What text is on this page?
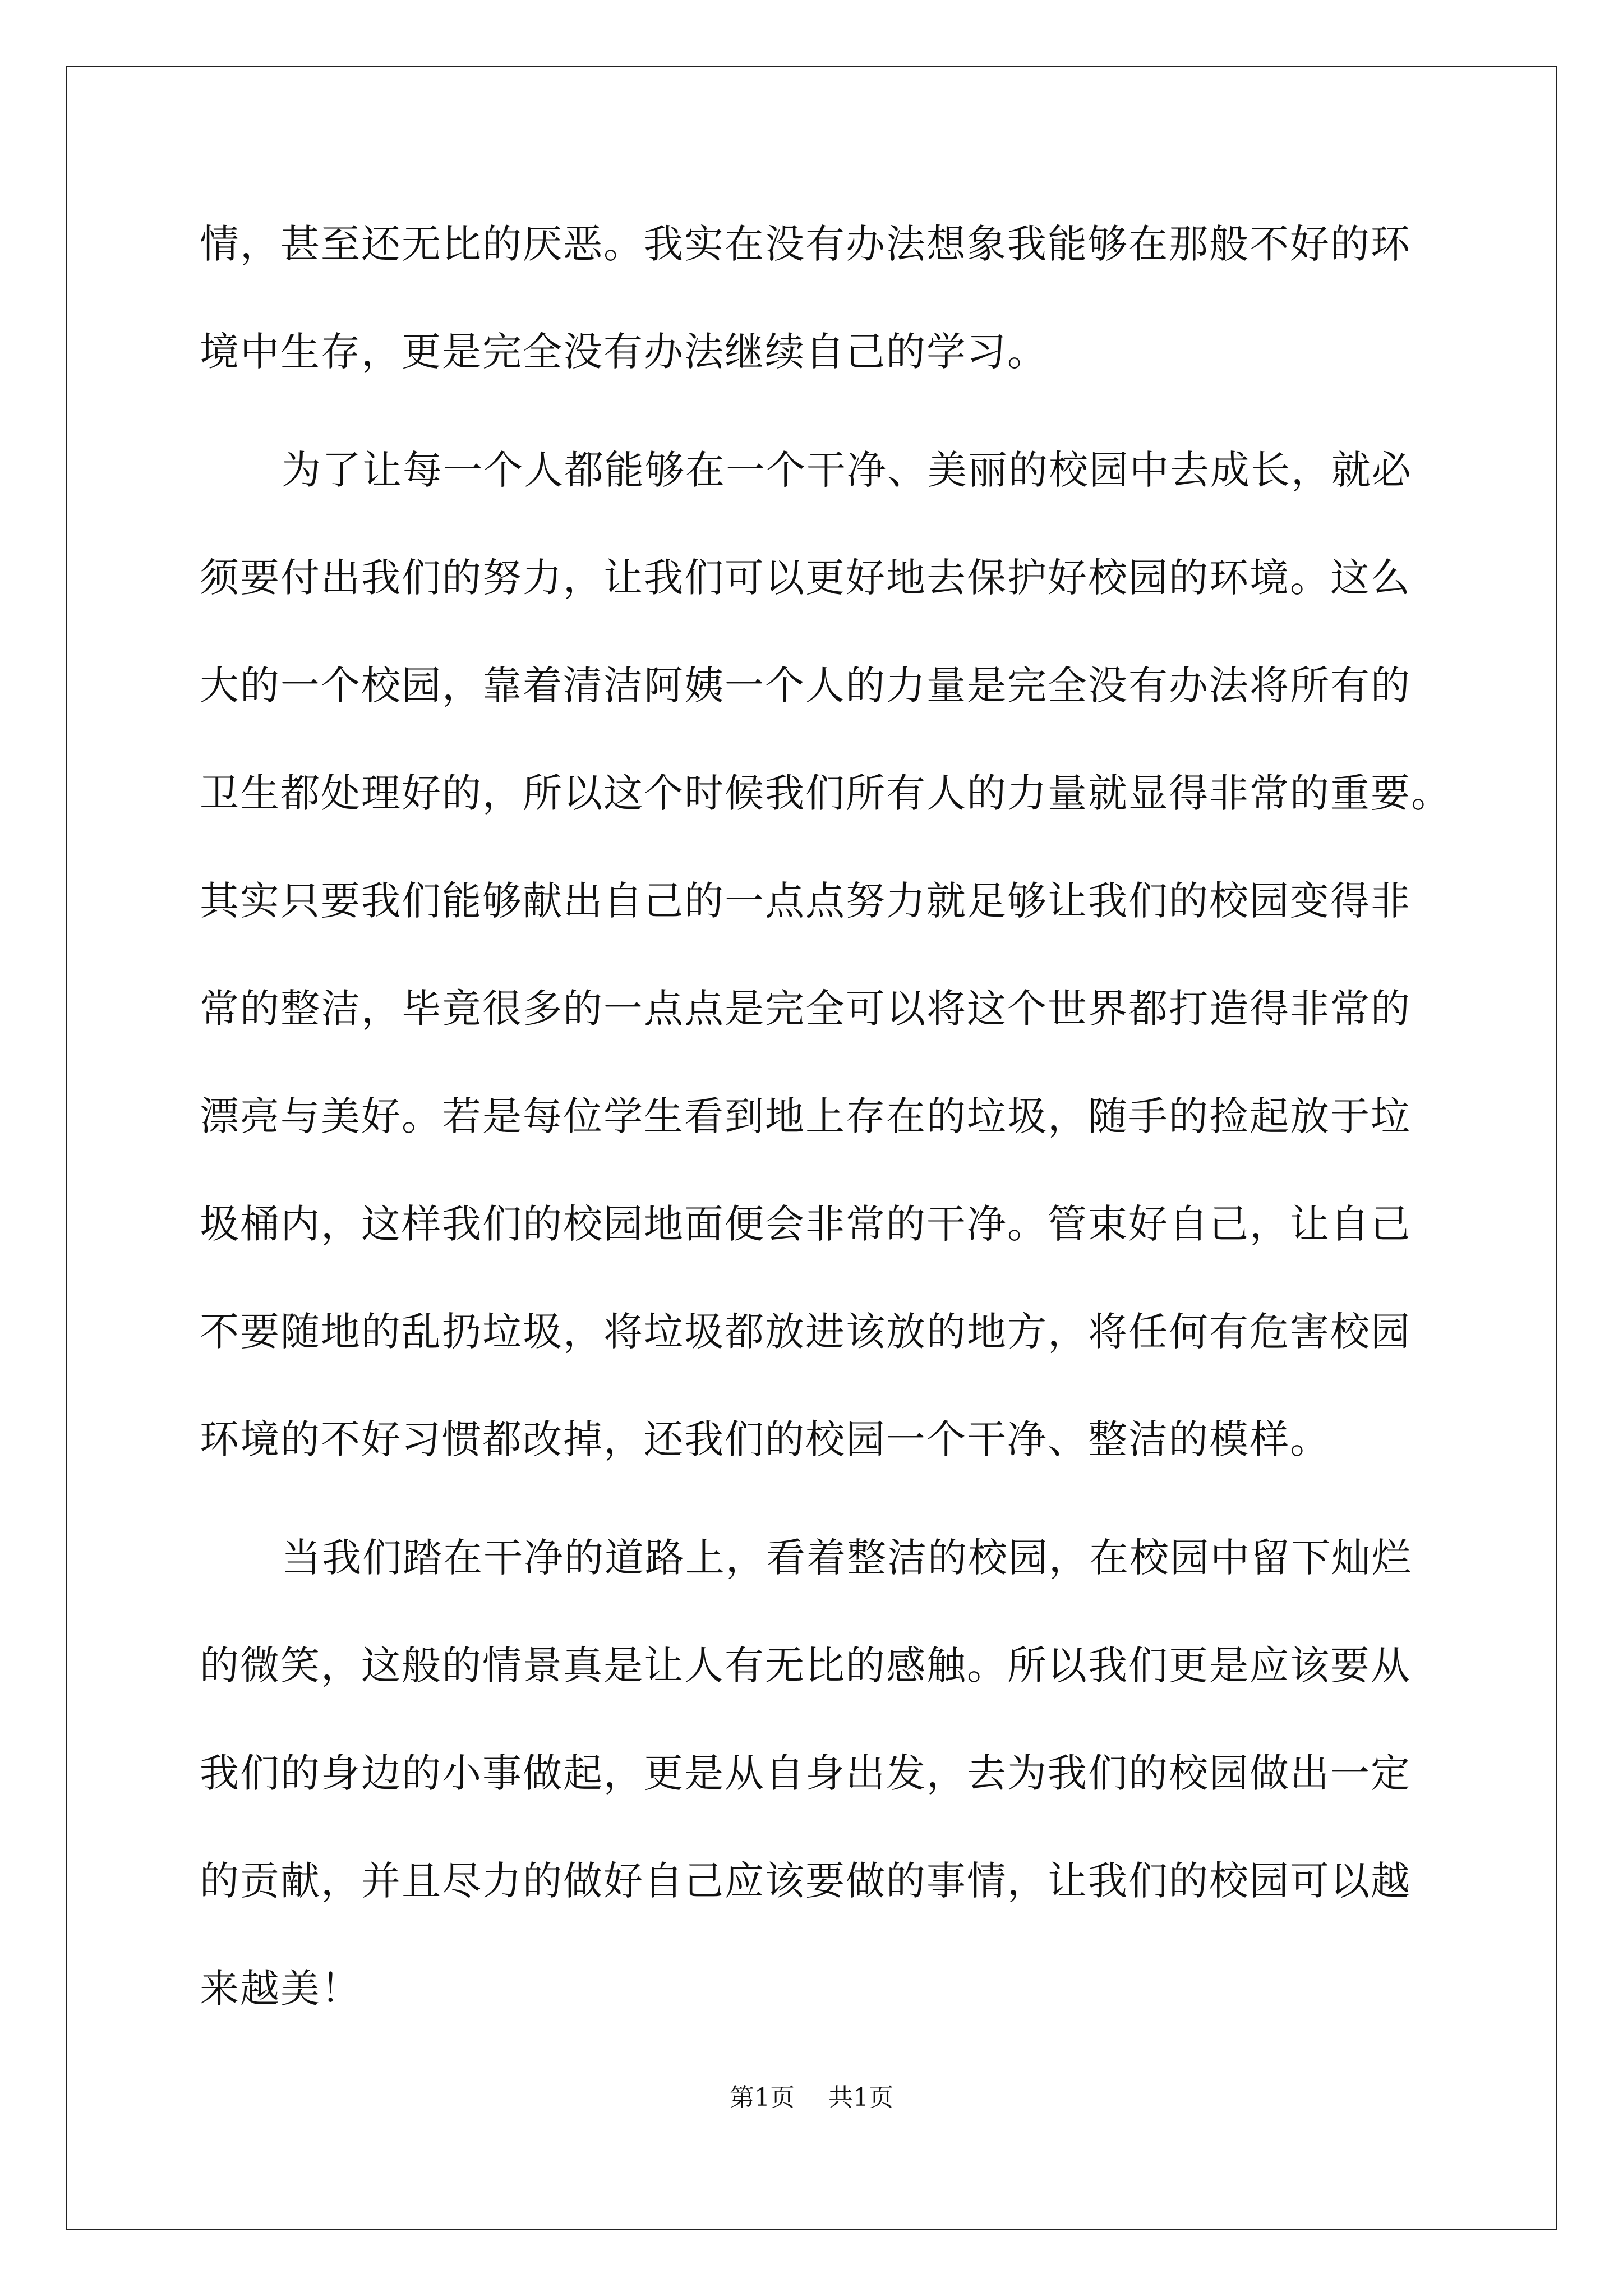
情，甚至还无比的厌恶。我实在没有办法想象我能够在那般不好的环
境中生存，更是完全没有办法继续自己的学习。
为了让每一个人都能够在一个干净、美丽的校园中去成长，就必
须要付出我们的努力，让我们可以更好地去保护好校园的环境。这么
大的一个校园，靠着清洁阿姨一个人的力量是完全没有办法将所有的
卫生都处理好的，所以这个时候我们所有人的力量就显得非常的重要。
其实只要我们能够献出自己的一点点努力就足够让我们的校园变得非
常的整洁，毕竟很多的一点点是完全可以将这个世界都打造得非常的
漂亮与美好。若是每位学生看到地上存在的垃圾，随手的捡起放于垃
圾桶内，这样我们的校园地面便会非常的干净。管束好自己，让自己
不要随地的乱扔垃圾，将垃圾都放进该放的地方，将任何有危害校园
环境的不好习惯都改掉，还我们的校园一个干净、整洁的模样。
当我们踏在干净的道路上，看着整洁的校园，在校园中留下灿烂
的微笑，这般的情景真是让人有无比的感触。所以我们更是应该要从
我们的身边的小事做起，更是从自身出发，去为我们的校园做出一定
的贡献，并且尽力的做好自己应该要做的事情，让我们的校园可以越
来越美！
第1页 共1页
